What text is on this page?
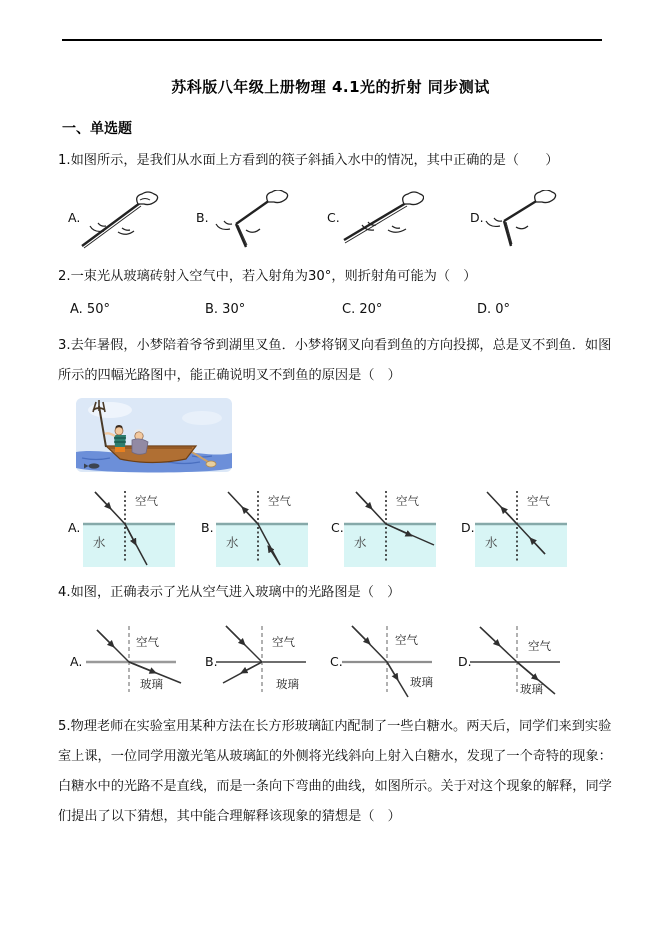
苏科版八年级上册物理 4.1光的折射 同步测试
一、单选题
1.如图所示，是我们从水面上方看到的筷子斜插入水中的情况，其中正确的是（　　）
A.	B.	C.	D.
2.一束光从玻璃砖射入空气中，若入射角为30°，则折射角可能为（　）
A. 50°	B. 30°	C. 20°	D. 0°
3.去年暑假，小梦陪着爷爷到湖里叉鱼．小梦将钢叉向看到鱼的方向投掷，总是叉不到鱼．如图所示的四幅光路图中，能正确说明叉不到鱼的原因是（　）
A.
空气
水
B.
空气
水
C.
空气
水
D.
空气
水
4.如图，正确表示了光从空气进入玻璃中的光路图是（　）
A.
空气
玻璃
B.
空气
玻璃
C.
空气
玻璃
D.
空气
玻璃
5.物理老师在实验室用某种方法在长方形玻璃缸内配制了一些白糖水。两天后，同学们来到实验室上课，一位同学用激光笔从玻璃缸的外侧将光线斜向上射入白糖水，发现了一个奇特的现象：白糖水中的光路不是直线，而是一条向下弯曲的曲线，如图所示。关于对这个现象的解释，同学们提出了以下猜想，其中能合理解释该现象的猜想是（　）
